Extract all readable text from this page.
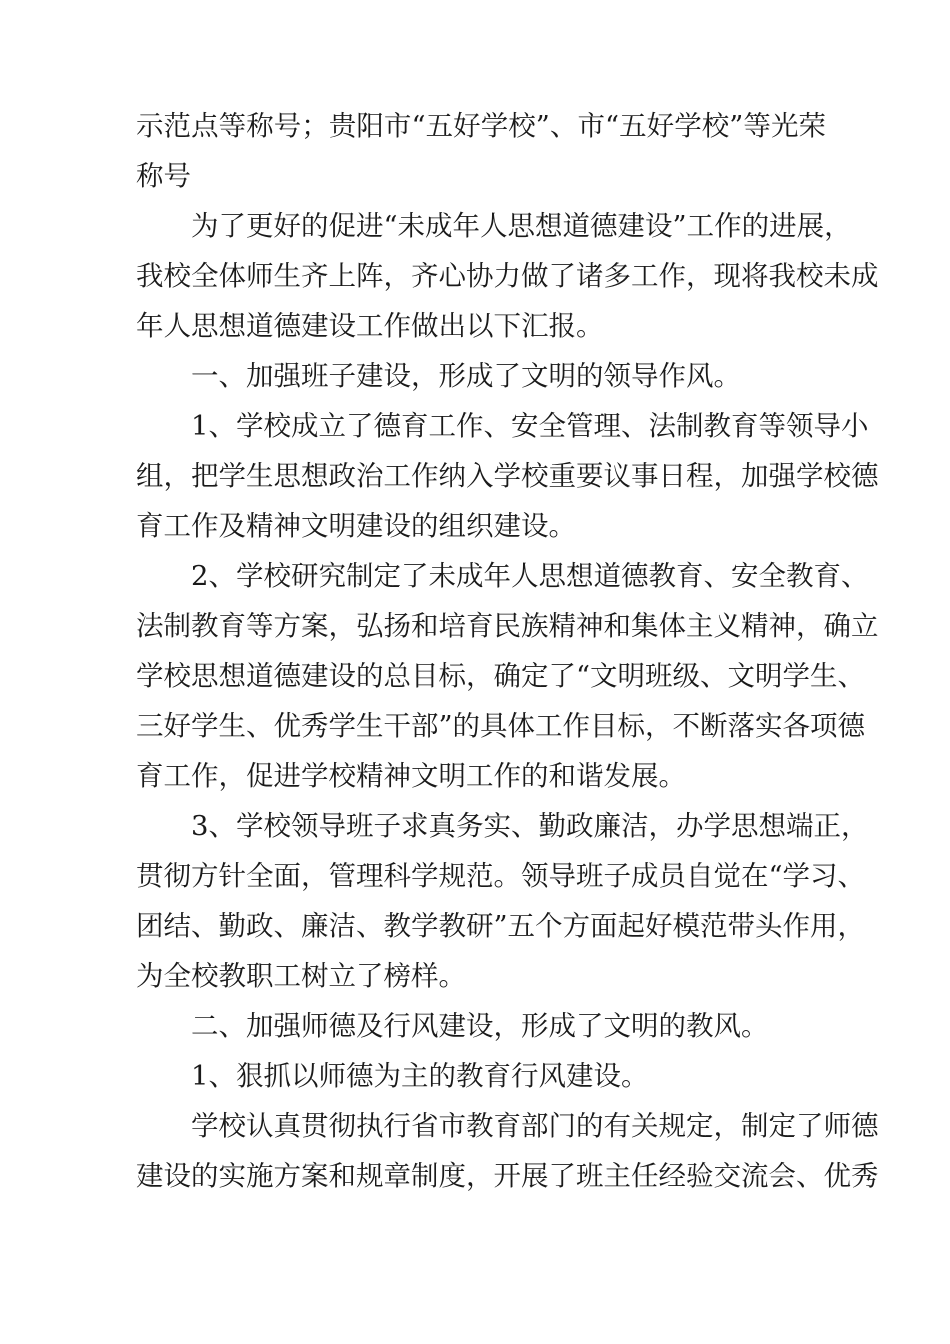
示范点等称号；贵阳市“五好学校”、市“五好学校”等光荣
称号

为了更好的促进“未成年人思想道德建设”工作的进展，
我校全体师生齐上阵，齐心协力做了诸多工作，现将我校未成
年人思想道德建设工作做出以下汇报。

一、加强班子建设，形成了文明的领导作风。

1、学校成立了德育工作、安全管理、法制教育等领导小
组，把学生思想政治工作纳入学校重要议事日程，加强学校德
育工作及精神文明建设的组织建设。

2、学校研究制定了未成年人思想道德教育、安全教育、
法制教育等方案，弘扬和培育民族精神和集体主义精神，确立
学校思想道德建设的总目标，确定了“文明班级、文明学生、
三好学生、优秀学生干部”的具体工作目标，不断落实各项德
育工作，促进学校精神文明工作的和谐发展。

3、学校领导班子求真务实、勤政廉洁，办学思想端正，
贯彻方针全面，管理科学规范。领导班子成员自觉在“学习、
团结、勤政、廉洁、教学教研”五个方面起好模范带头作用，
为全校教职工树立了榜样。

二、加强师德及行风建设，形成了文明的教风。

1、狠抓以师德为主的教育行风建设。

学校认真贯彻执行省市教育部门的有关规定，制定了师德
建设的实施方案和规章制度，开展了班主任经验交流会、优秀
